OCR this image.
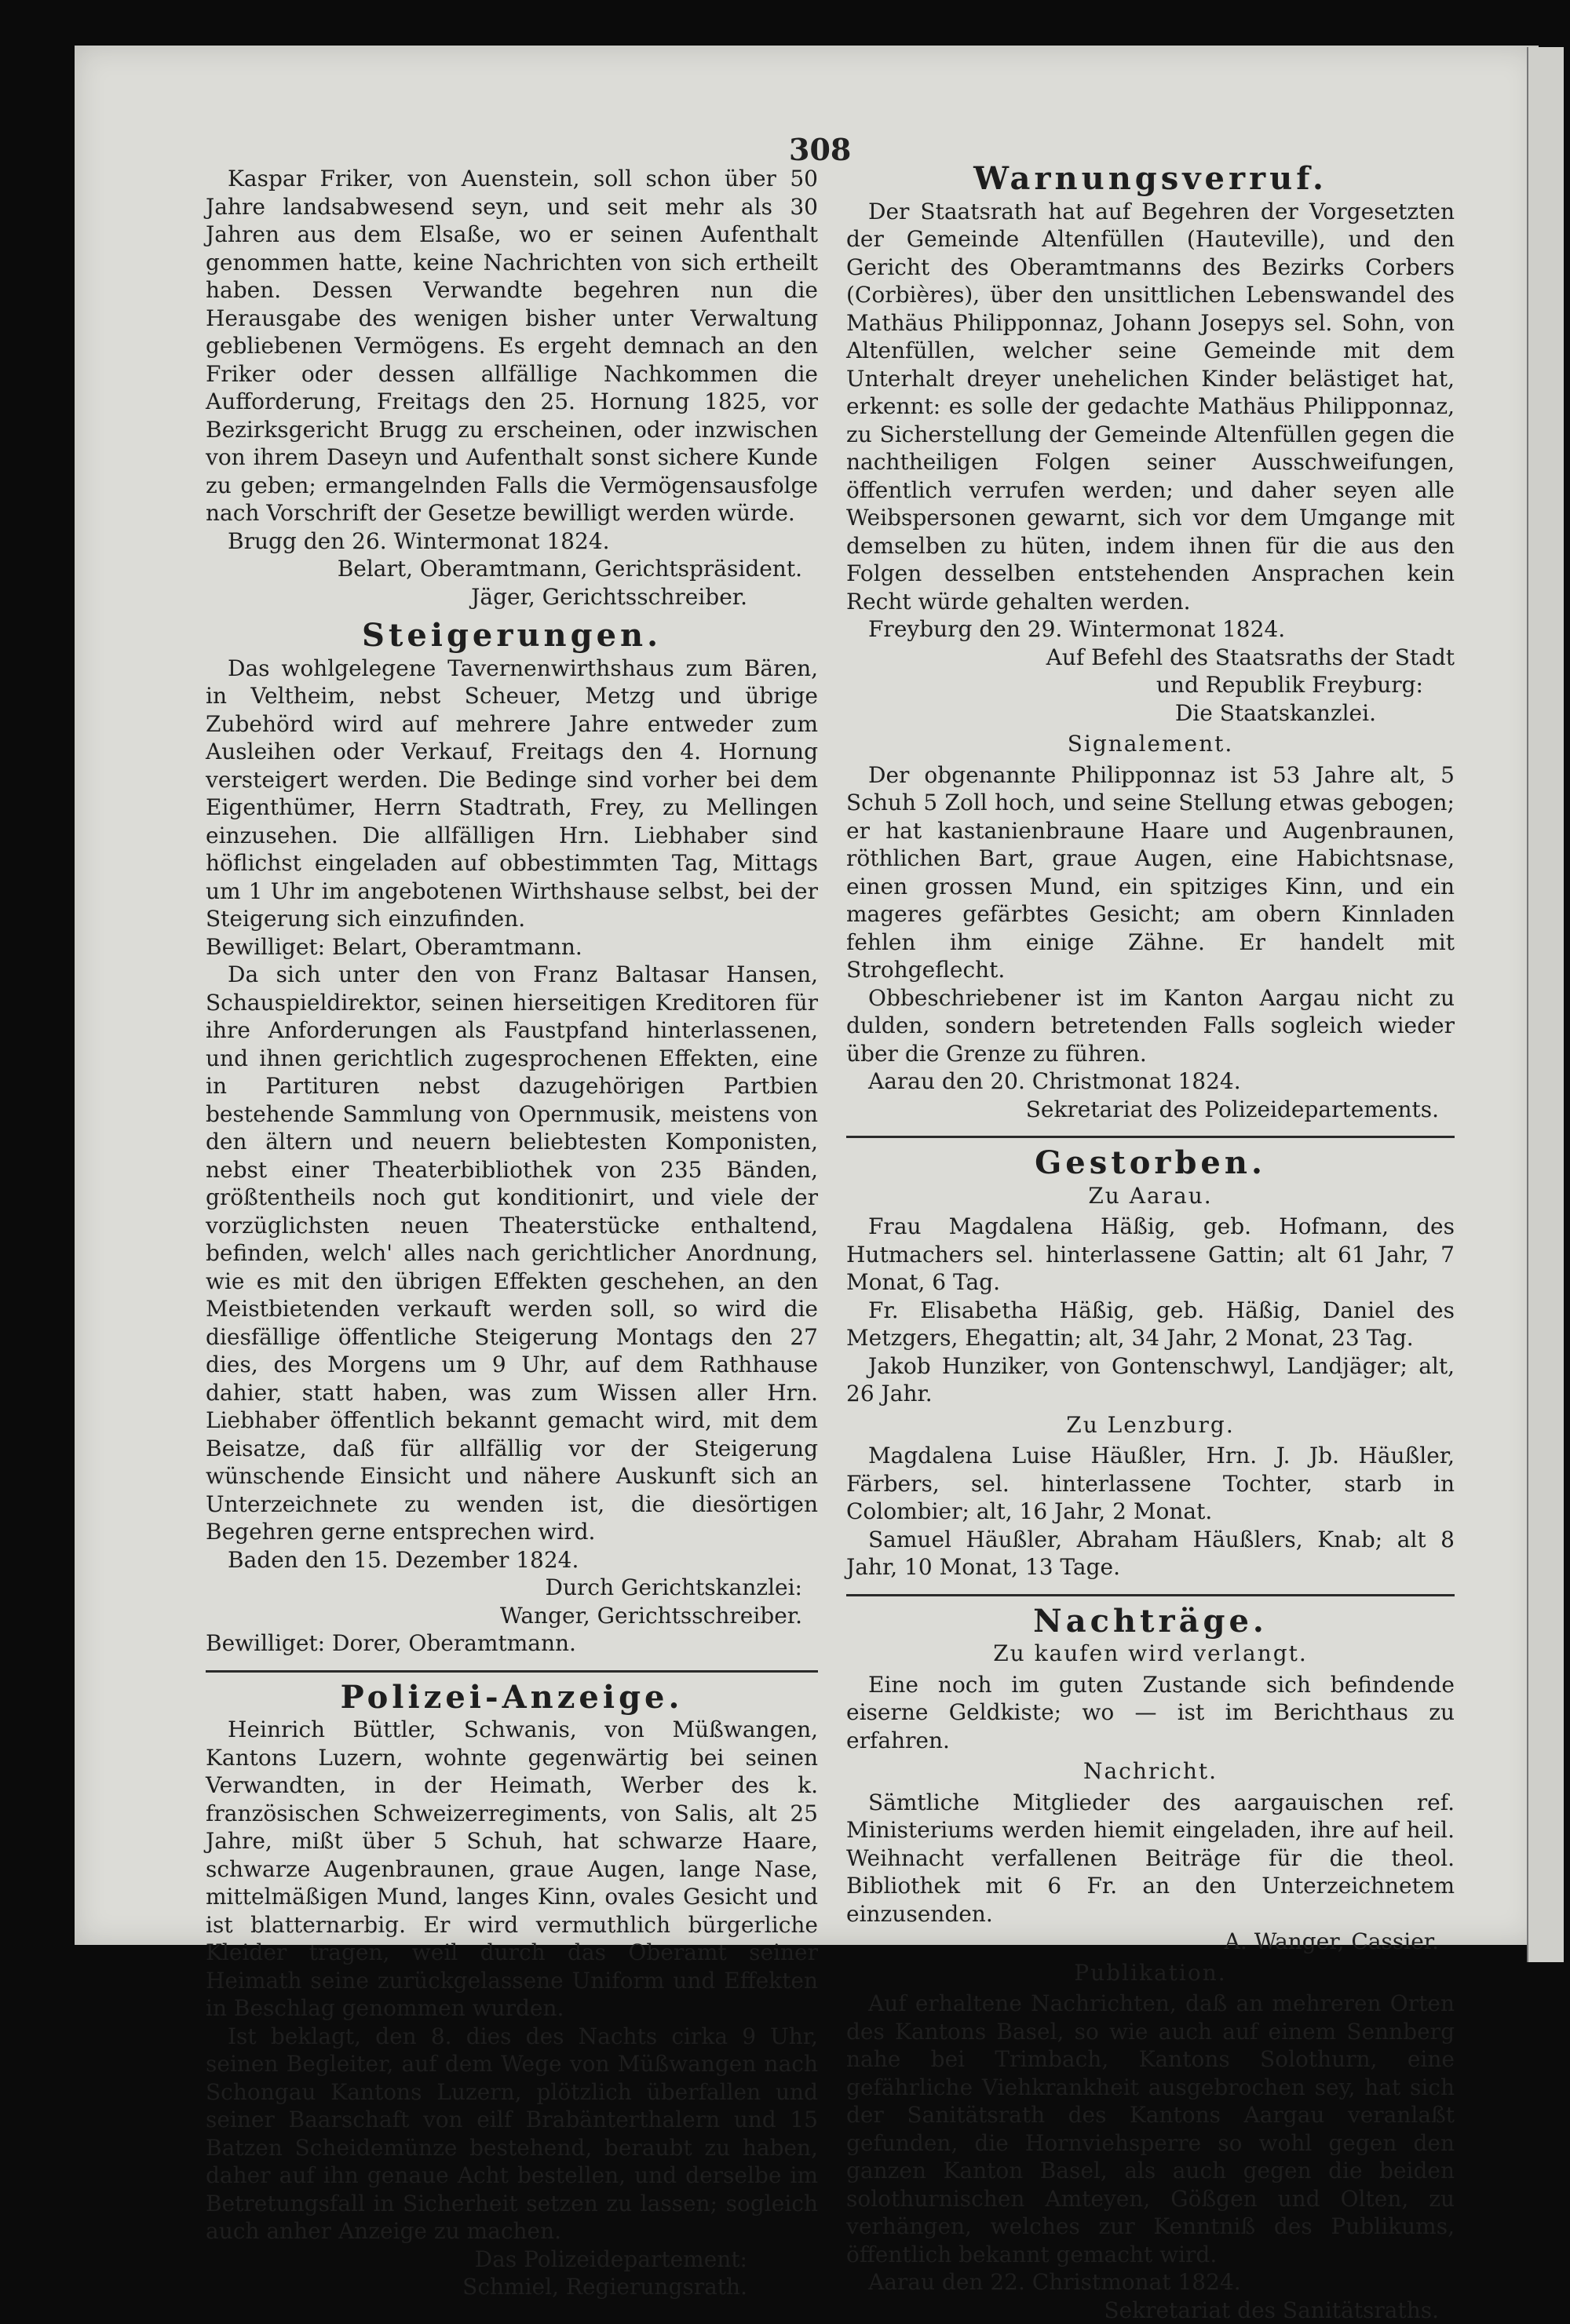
308

Kaspar Friker, von Auenstein, soll schon über 50 Jahre landsabwesend seyn, und seit mehr als 30 Jahren aus dem Elsaße, wo er seinen Aufenthalt genommen hatte, keine Nachrichten von sich ertheilt haben. Dessen Verwandte begehren nun die Herausgabe des wenigen bisher unter Verwaltung gebliebenen Vermögens. Es ergeht demnach an den Friker oder dessen allfällige Nachkommen die Aufforderung, Freitags den 25. Hornung 1825, vor Bezirksgericht Brugg zu erscheinen, oder inzwischen von ihrem Daseyn und Aufenthalt sonst sichere Kunde zu geben; ermangelnden Falls die Vermögensausfolge nach Vorschrift der Gesetze bewilligt werden würde.

Brugg den 26. Wintermonat 1824.

Belart, Oberamtmann, Gerichtspräsident.

Jäger, Gerichtsschreiber.

Steigerungen.

Das wohlgelegene Tavernenwirthshaus zum Bären, in Veltheim, nebst Scheuer, Metzg und übrige Zubehörd wird auf mehrere Jahre entweder zum Ausleihen oder Verkauf, Freitags den 4. Hornung versteigert werden. Die Bedinge sind vorher bei dem Eigenthümer, Herrn Stadtrath, Frey, zu Mellingen einzusehen. Die allfälligen Hrn. Liebhaber sind höflichst eingeladen auf obbestimmten Tag, Mittags um 1 Uhr im angebotenen Wirthshause selbst, bei der Steigerung sich einzufinden.

Bewilliget: Belart, Oberamtmann.

Da sich unter den von Franz Baltasar Hansen, Schauspieldirektor, seinen hierseitigen Kreditoren für ihre Anforderungen als Faustpfand hinterlassenen, und ihnen gerichtlich zugesprochenen Effekten, eine in Partituren nebst dazugehörigen Partbien bestehende Sammlung von Opernmusik, meistens von den ältern und neuern beliebtesten Komponisten, nebst einer Theaterbibliothek von 235 Bänden, größtentheils noch gut konditionirt, und viele der vorzüglichsten neuen Theaterstücke enthaltend, befinden, welch' alles nach gerichtlicher Anordnung, wie es mit den übrigen Effekten geschehen, an den Meistbietenden verkauft werden soll, so wird die diesfällige öffentliche Steigerung Montags den 27 dies, des Morgens um 9 Uhr, auf dem Rathhause dahier, statt haben, was zum Wissen aller Hrn. Liebhaber öffentlich bekannt gemacht wird, mit dem Beisatze, daß für allfällig vor der Steigerung wünschende Einsicht und nähere Auskunft sich an Unterzeichnete zu wenden ist, die diesörtigen Begehren gerne entsprechen wird.

Baden den 15. Dezember 1824.

Durch Gerichtskanzlei:

Wanger, Gerichtsschreiber.

Bewilliget: Dorer, Oberamtmann.

Polizei-Anzeige.

Heinrich Büttler, Schwanis, von Müßwangen, Kantons Luzern, wohnte gegenwärtig bei seinen Verwandten, in der Heimath, Werber des k. französischen Schweizerregiments, von Salis, alt 25 Jahre, mißt über 5 Schuh, hat schwarze Haare, schwarze Augenbraunen, graue Augen, lange Nase, mittelmäßigen Mund, langes Kinn, ovales Gesicht und ist blatternarbig. Er wird vermuthlich bürgerliche Kleider tragen, weil durch das Oberamt seiner Heimath seine zurückgelassene Uniform und Effekten in Beschlag genommen wurden.

Ist beklagt, den 8. dies des Nachts cirka 9 Uhr, seinen Begleiter, auf dem Wege von Müßwangen nach Schongau Kantons Luzern, plötzlich überfallen und seiner Baarschaft von eilf Brabänterthalern und 15 Batzen Scheidemünze bestehend, beraubt zu haben, daher auf ihn genaue Acht bestellen, und derselbe im Betretungsfall in Sicherheit setzen zu lassen; sogleich auch anher Anzeige zu machen.

Das Polizeidepartement:

Schmiel, Regierungsrath.

Warnungsverruf.

Der Staatsrath hat auf Begehren der Vorgesetzten der Gemeinde Altenfüllen (Hauteville), und den Gericht des Oberamtmanns des Bezirks Corbers (Corbières), über den unsittlichen Lebenswandel des Mathäus Philipponnaz, Johann Josepys sel. Sohn, von Altenfüllen, welcher seine Gemeinde mit dem Unterhalt dreyer unehelichen Kinder belästiget hat, erkennt: es solle der gedachte Mathäus Philipponnaz, zu Sicherstellung der Gemeinde Altenfüllen gegen die nachtheiligen Folgen seiner Ausschweifungen, öffentlich verrufen werden; und daher seyen alle Weibspersonen gewarnt, sich vor dem Umgange mit demselben zu hüten, indem ihnen für die aus den Folgen desselben entstehenden Ansprachen kein Recht würde gehalten werden.

Freyburg den 29. Wintermonat 1824.

Auf Befehl des Staatsraths der Stadt

und Republik Freyburg:

Die Staatskanzlei.

Signalement.

Der obgenannte Philipponnaz ist 53 Jahre alt, 5 Schuh 5 Zoll hoch, und seine Stellung etwas gebogen; er hat kastanienbraune Haare und Augenbraunen, röthlichen Bart, graue Augen, eine Habichtsnase, einen grossen Mund, ein spitziges Kinn, und ein mageres gefärbtes Gesicht; am obern Kinnladen fehlen ihm einige Zähne. Er handelt mit Strohgeflecht.

Obbeschriebener ist im Kanton Aargau nicht zu dulden, sondern betretenden Falls sogleich wieder über die Grenze zu führen.

Aarau den 20. Christmonat 1824.

Sekretariat des Polizeidepartements.

Gestorben.

Zu Aarau.

Frau Magdalena Häßig, geb. Hofmann, des Hutmachers sel. hinterlassene Gattin; alt 61 Jahr, 7 Monat, 6 Tag.

Fr. Elisabetha Häßig, geb. Häßig, Daniel des Metzgers, Ehegattin; alt, 34 Jahr, 2 Monat, 23 Tag.

Jakob Hunziker, von Gontenschwyl, Landjäger; alt, 26 Jahr.

Zu Lenzburg.

Magdalena Luise Häußler, Hrn. J. Jb. Häußler, Färbers, sel. hinterlassene Tochter, starb in Colombier; alt, 16 Jahr, 2 Monat.

Samuel Häußler, Abraham Häußlers, Knab; alt 8 Jahr, 10 Monat, 13 Tage.

Nachträge.

Zu kaufen wird verlangt.

Eine noch im guten Zustande sich befindende eiserne Geldkiste; wo — ist im Berichthaus zu erfahren.

Nachricht.

Sämtliche Mitglieder des aargauischen ref. Ministeriums werden hiemit eingeladen, ihre auf heil. Weihnacht verfallenen Beiträge für die theol. Bibliothek mit 6 Fr. an den Unterzeichnetem einzusenden.

A. Wanger, Cassier.

Publikation.

Auf erhaltene Nachrichten, daß an mehreren Orten des Kantons Basel, so wie auch auf einem Sennberg nahe bei Trimbach, Kantons Solothurn, eine gefährliche Viehkrankheit ausgebrochen sey, hat sich der Sanitätsrath des Kantons Aargau veranlaßt gefunden, die Hornviehsperre so wohl gegen den ganzen Kanton Basel, als auch gegen die beiden solothurnischen Amteyen, Gößgen und Olten, zu verhängen, welches zur Kenntniß des Publikums, öffentlich bekannt gemacht wird.

Aarau den 22. Christmonat 1824.

Sekretariat des Sanitätsraths.
